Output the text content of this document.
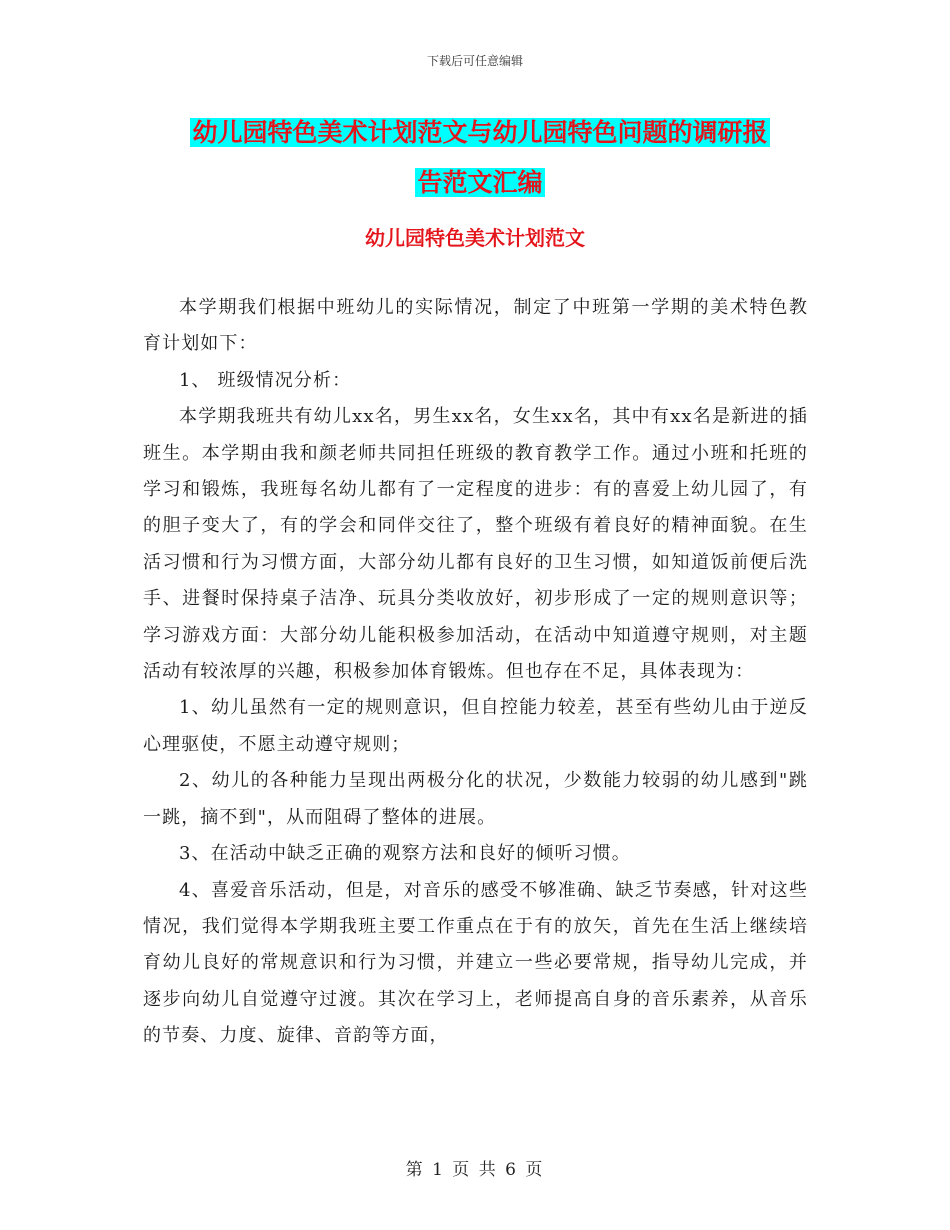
下载后可任意编辑
幼儿园特色美术计划范文与幼儿园特色问题的调研报
告范文汇编
幼儿园特色美术计划范文

本学期我们根据中班幼儿的实际情况，制定了中班第一学期的美术特色教育计划如下：

1、 班级情况分析：

本学期我班共有幼儿xx名，男生xx名，女生xx名，其中有xx名是新进的插班生。本学期由我和颜老师共同担任班级的教育教学工作。通过小班和托班的学习和锻炼，我班每名幼儿都有了一定程度的进步：有的喜爱上幼儿园了，有的胆子变大了，有的学会和同伴交往了，整个班级有着良好的精神面貌。在生活习惯和行为习惯方面，大部分幼儿都有良好的卫生习惯，如知道饭前便后洗手、进餐时保持桌子洁净、玩具分类收放好，初步形成了一定的规则意识等；学习游戏方面：大部分幼儿能积极参加活动，在活动中知道遵守规则，对主题活动有较浓厚的兴趣，积极参加体育锻炼。但也存在不足，具体表现为：

1、幼儿虽然有一定的规则意识，但自控能力较差，甚至有些幼儿由于逆反心理驱使，不愿主动遵守规则；

2、幼儿的各种能力呈现出两极分化的状况，少数能力较弱的幼儿感到"跳一跳，摘不到"，从而阻碍了整体的进展。

3、在活动中缺乏正确的观察方法和良好的倾听习惯。

4、喜爱音乐活动，但是，对音乐的感受不够准确、缺乏节奏感，针对这些情况，我们觉得本学期我班主要工作重点在于有的放矢，首先在生活上继续培育幼儿良好的常规意识和行为习惯，并建立一些必要常规，指导幼儿完成，并逐步向幼儿自觉遵守过渡。其次在学习上，老师提高自身的音乐素养，从音乐的节奏、力度、旋律、音韵等方面，

第 1 页 共 6 页
